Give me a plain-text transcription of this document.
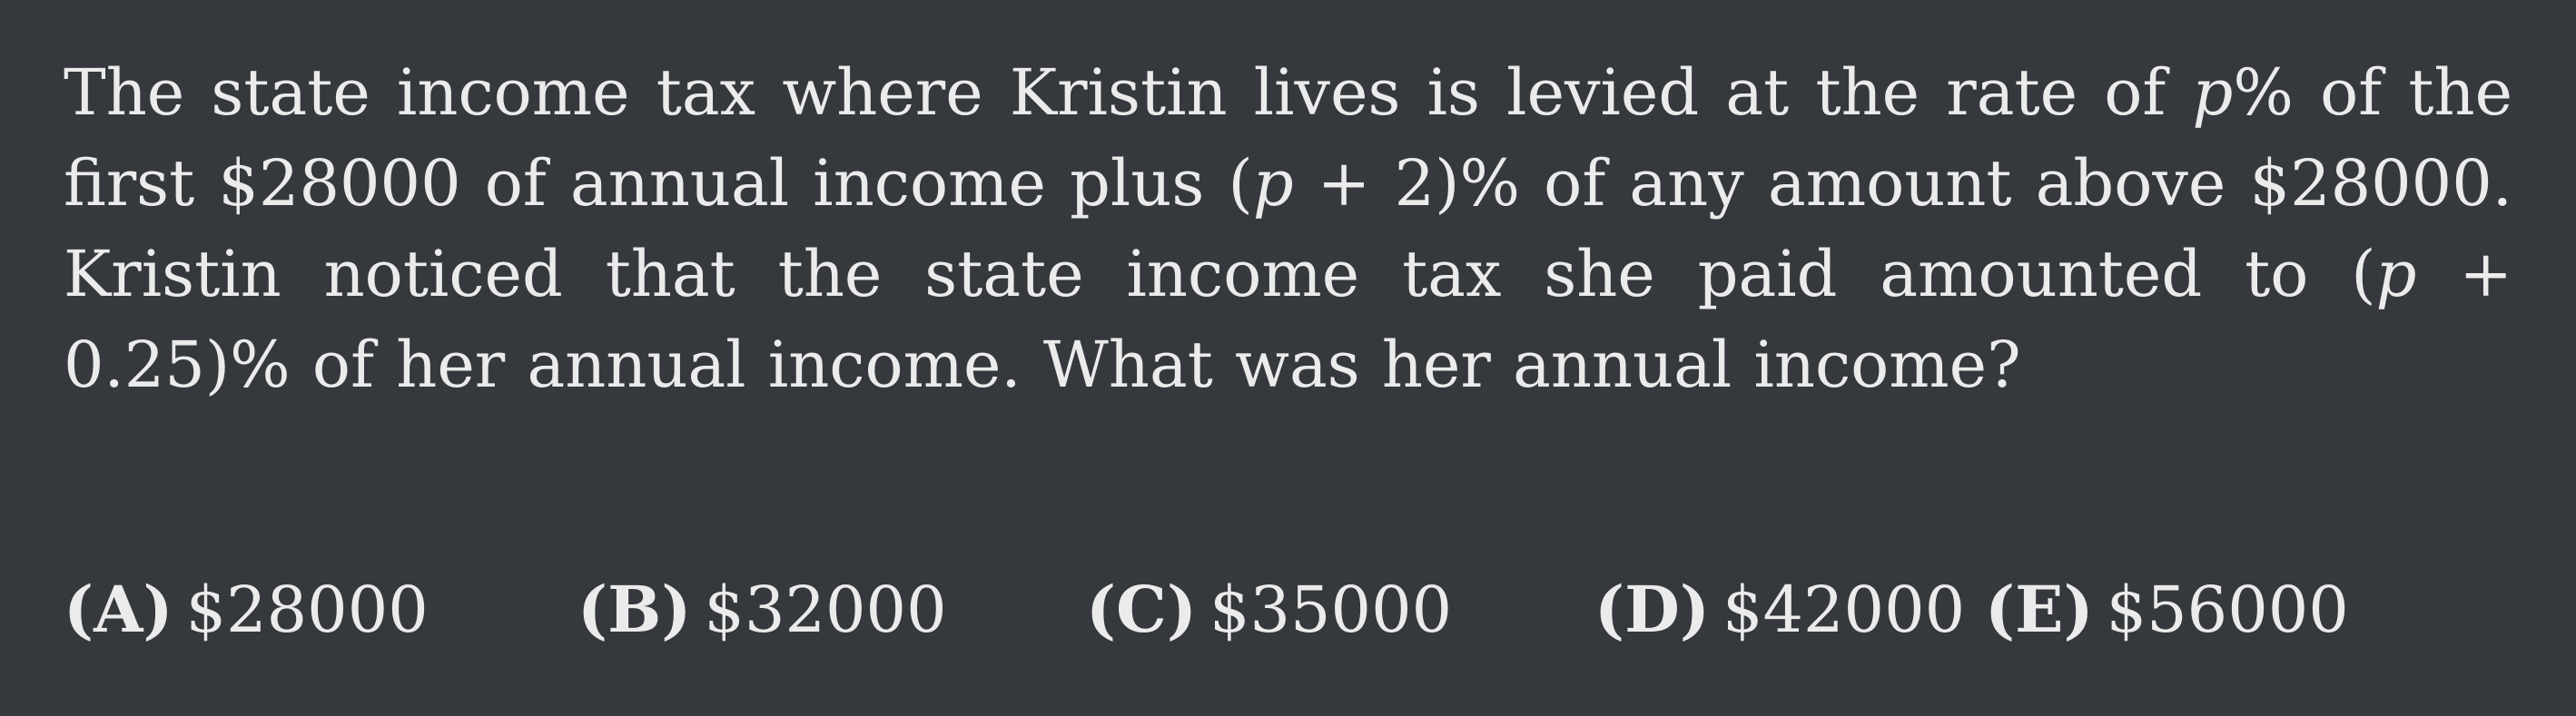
The state income tax where Kristin lives is levied at the rate of p% of the first $28000 of annual income plus (p + 2)% of any amount above $28000. Kristin noticed that the state income tax she paid amounted to (p + 0.25)% of her annual income. What was her annual income?

(A) $28000 (B) $32000 (C) $35000 (D) $42000 (E) $56000
